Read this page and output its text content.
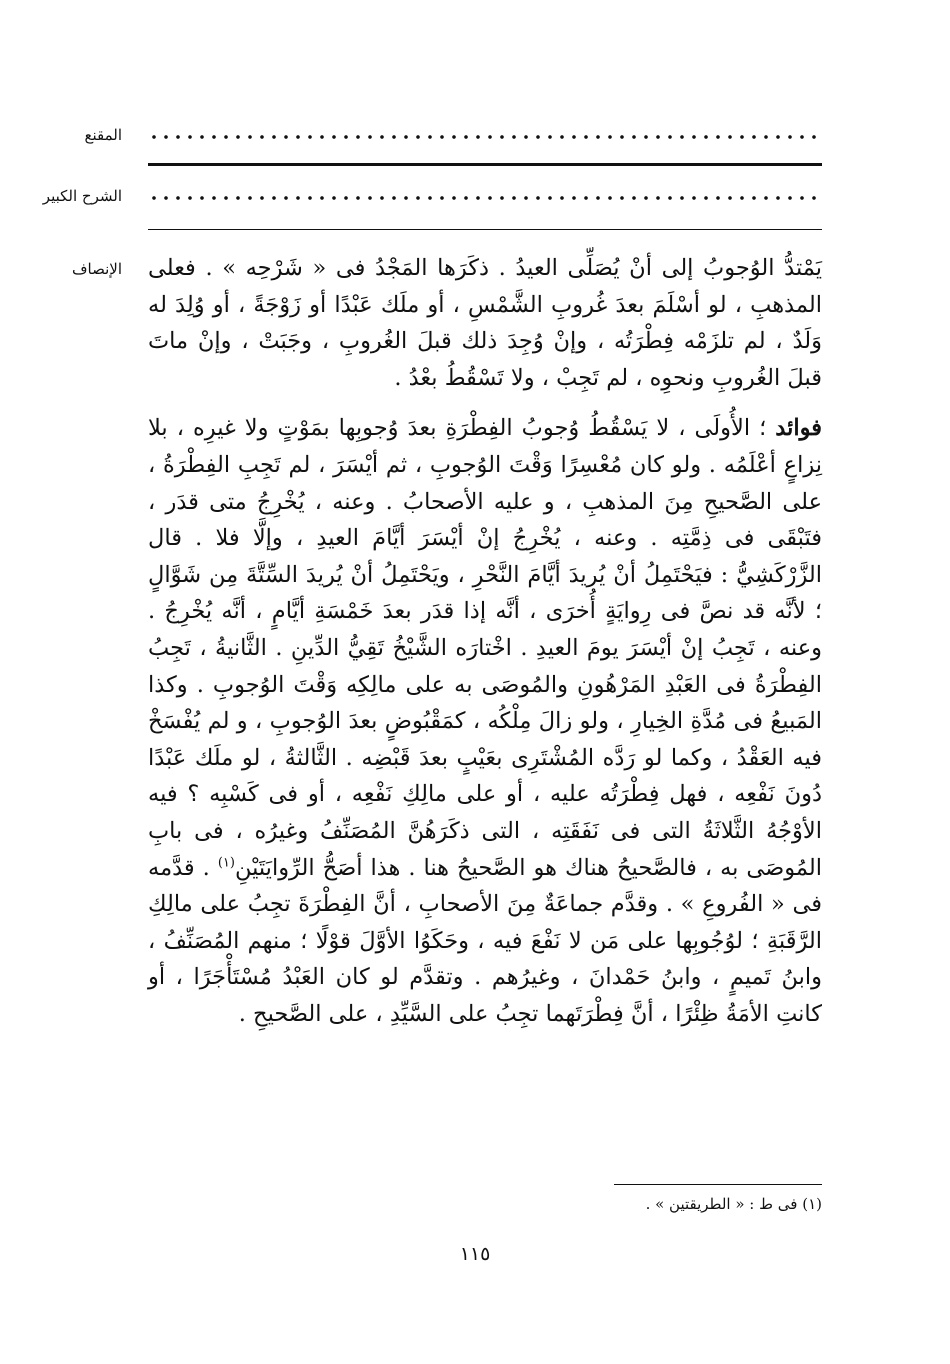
المقنع
الشرح الكبير
الإنصاف يَمْتدُّ الوُجوبُ إلى أنْ يُصَلِّى العيدُ . ذكَرَها المَجْدُ فى « شَرْحِه » . فعلى المذهبِ ، لو أسْلَمَ بعدَ غُروبِ الشَّمْسِ ، أو ملَك عَبْدًا أو زَوْجَةً ، أو وُلِدَ له وَلَدٌ ، لم تلزَمْه فِطْرَتُه ، وإنْ وُجِدَ ذلك قبلَ الغُروبِ ، وجَبَتْ ، وإنْ ماتَ قبلَ الغُروبِ ونحوِه ، لم تَجِبْ ، ولا تَسْقُطُ بعْدُ .

فوائد ؛ الأُولَى ، لا يَسْقُطُ وُجوبُ الفِطْرَةِ بعدَ وُجوبِها بمَوْتٍ ولا غيرِه ، بلا نِزاعٍ أعْلَمُه . ولو كان مُعْسِرًا وَقْتَ الوُجوبِ ، ثم أيْسَرَ ، لم تَجِبِ الفِطْرَةُ ، على الصَّحيحِ مِنَ المذهبِ ، و عليه الأصحابُ . وعنه ، يُخْرِجُ متى قدَر ، فتَبْقَى فى ذِمَّتِه . وعنه ، يُخْرِجُ إنْ أيْسَرَ أيَّامَ العيدِ ، وإلَّا فلا . قال الزَّرْكَشِيُّ : فيَحْتَمِلُ أنْ يُريدَ أيَّامَ النَّحْرِ ، ويَحْتَمِلُ أنْ يُريدَ السِّتَّةَ مِن شَوَّالٍ ؛ لأنَّه قد نصَّ فى رِوايَةٍ أُخرَى ، أنَّه إذا قدَر بعدَ خَمْسَةِ أيَّامٍ ، أنَّه يُخْرِجُ . وعنه ، تَجِبُ إنْ أيْسَرَ يومَ العيدِ . اخْتارَه الشَّيْخُ تَقِيُّ الدِّينِ . الثَّانيةُ ، تَجِبُ الفِطْرَةُ فى العَبْدِ المَرْهُونِ والمُوصَى به على مالِكِه وَقْتَ الوُجوبِ . وكذا المَبيعُ فى مُدَّةِ الخِيارِ ، ولو زالَ مِلْكُه ، كمَقْبُوضٍ بعدَ الوُجوبِ ، و لم يُفْسَخْ فيه العَقْدُ ، وكما لو رَدَّه المُشْتَرِى بعَيْبٍ بعدَ قَبْضِه . الثَّالثةُ ، لو ملَك عَبْدًا دُونَ نَفْعِه ، فهل فِطْرَتُه عليه ، أو على مالِكِ نَفْعِه ، أو فى كَسْبِه ؟ فيه الأوْجُهُ الثَّلاثَةُ التى فى نَفَقَتِه ، التى ذكَرَهُنَّ المُصَنِّفُ وغيرُه ، فى بابِ المُوصَى به ، فالصَّحيحُ هناك هو الصَّحيحُ هنا . هذا أصَحُّ الرِّوايَتَيْنِ$^{(١)}$ . قدَّمه فى « الفُروعِ » . وقدَّم جماعَةٌ مِنَ الأصحابِ ، أنَّ الفِطْرَةَ تجِبُ على مالِكِ الرَّقَبَةِ ؛ لوُجُوبِها على مَن لا نَفْعَ فيه ، وحَكَوُا الأوَّلَ قوْلًا ؛ منهم المُصَنِّفُ ، وابنُ تَميمٍ ، وابنُ حَمْدانَ ، وغيرُهم . وتقدَّم لو كان العَبْدُ مُسْتَأْجَرًا ، أو كانتِ الأمَةُ ظِئْرًا ، أنَّ فِطْرَتَهما تجِبُ على السَّيِّدِ ، على الصَّحيحِ .

(١) فى ط : « الطريقتين » .
١١٥
